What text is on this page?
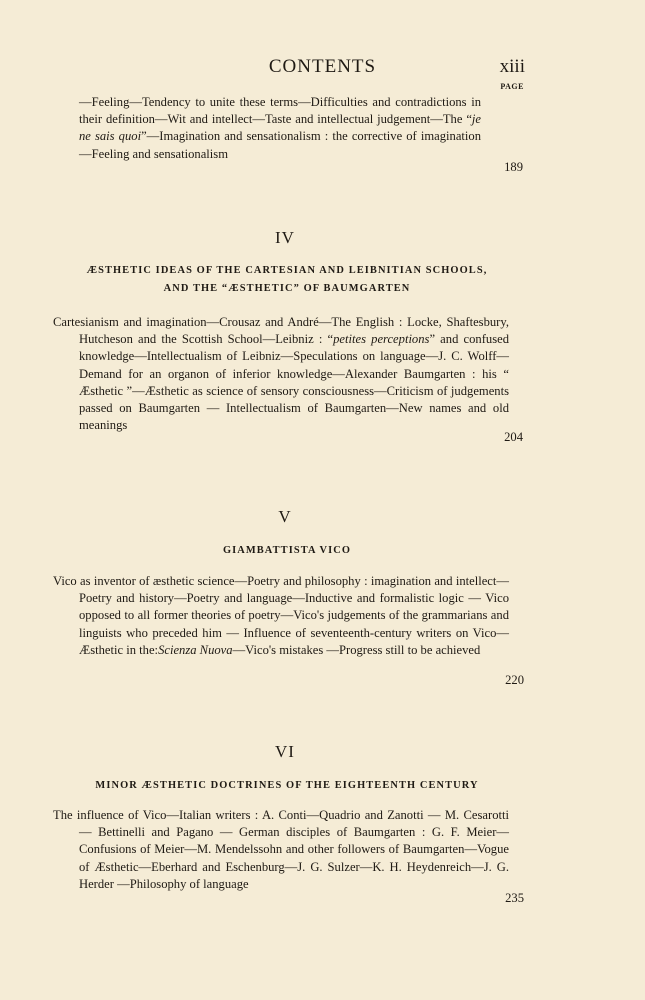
CONTENTS	xiii
PAGE
—Feeling—Tendency to unite these terms—Difficulties and contradictions in their definition—Wit and intellect—Taste and intellectual judgement—The “je ne sais quoi”—Imagination and sensationalism : the corrective of imagination—Feeling and sensationalism
189
IV
ÆSTHETIC IDEAS OF THE CARTESIAN AND LEIBNITIAN SCHOOLS,
AND THE “ÆSTHETIC” OF BAUMGARTEN
Cartesianism and imagination—Crousaz and André—The English : Locke, Shaftesbury, Hutcheson and the Scottish School—Leibniz : “petites perceptions” and confused knowledge—Intellectualism of Leibniz—Speculations on language—J. C. Wolff—Demand for an organon of inferior knowledge—Alexander Baumgarten : his “ Æsthetic ”—Æsthetic as science of sensory consciousness—Criticism of judgements passed on Baumgarten — Intellectualism of Baumgarten—New names and old meanings
204
V
GIAMBATTISTA VICO
Vico as inventor of æsthetic science—Poetry and philosophy : imagination and intellect—Poetry and history—Poetry and language—Inductive and formalistic logic — Vico opposed to all former theories of poetry—Vico's judgements of the grammarians and linguists who preceded him — Influence of seventeenth-century writers on Vico—Æsthetic in the:Scienza Nuova—Vico's mistakes —Progress still to be achieved
220
VI
MINOR ÆSTHETIC DOCTRINES OF THE EIGHTEENTH CENTURY
The influence of Vico—Italian writers : A. Conti—Quadrio and Zanotti — M. Cesarotti — Bettinelli and Pagano — German disciples of Baumgarten : G. F. Meier—Confusions of Meier—M. Mendelssohn and other followers of Baumgarten—Vogue of Æsthetic—Eberhard and Eschenburg—J. G. Sulzer—K. H. Heydenreich—J. G. Herder —Philosophy of language
235
